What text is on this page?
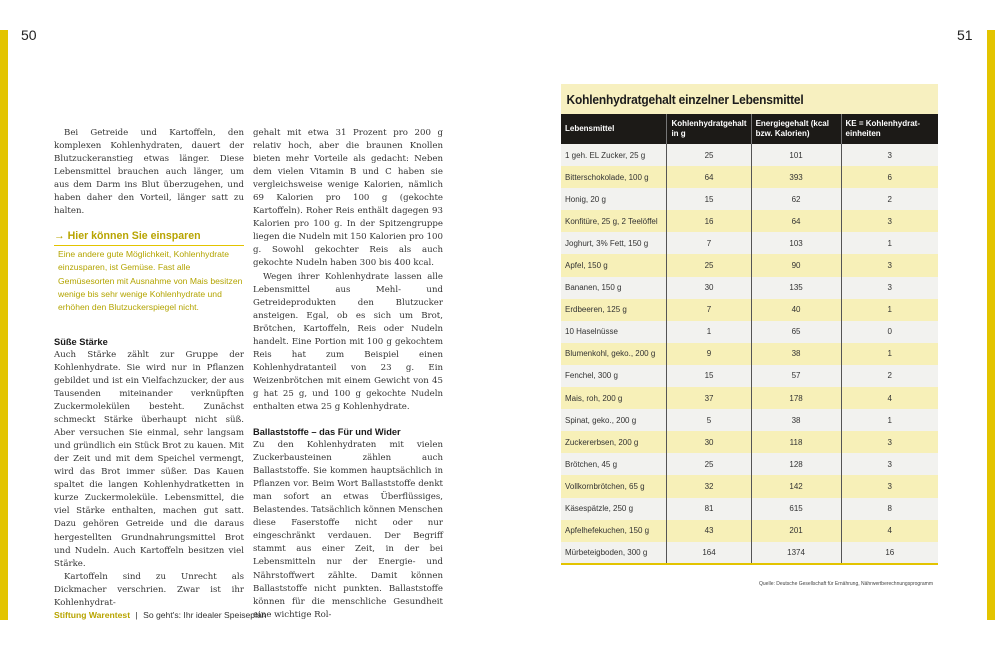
50	51

Bei Getreide und Kartoffeln, den komplexen Kohlenhydraten, dauert der Blutzuckeranstieg etwas länger. Diese Lebensmittel brauchen auch länger, um aus dem Darm ins Blut überzugehen, und haben daher den Vorteil, länger satt zu halten.

→ Hier können Sie einsparen
Eine andere gute Möglichkeit, Kohlenhydrate einzusparen, ist Gemüse. Fast alle Gemüsesorten mit Ausnahme von Mais besitzen wenige bis sehr wenige Kohlenhydrate und erhöhen den Blutzuckerspiegel nicht.
Süße Stärke

Auch Stärke zählt zur Gruppe der Kohlenhydrate. Sie wird nur in Pflanzen gebildet und ist ein Vielfachzucker, der aus Tausenden miteinander verknüpften Zuckermolekülen besteht. Zunächst schmeckt Stärke überhaupt nicht süß. Aber versuchen Sie einmal, sehr langsam und gründlich ein Stück Brot zu kauen. Mit der Zeit und mit dem Speichel vermengt, wird das Brot immer süßer. Das Kauen spaltet die langen Kohlenhydratketten in kurze Zuckermoleküle. Lebensmittel, die viel Stärke enthalten, machen gut satt. Dazu gehören Getreide und die daraus hergestellten Grundnahrungsmittel Brot und Nudeln. Auch Kartoffeln besitzen viel Stärke.

Kartoffeln sind zu Unrecht als Dickmacher verschrien. Zwar ist ihr Kohlenhydrat-

gehalt mit etwa 31 Prozent pro 200 g relativ hoch, aber die braunen Knollen bieten mehr Vorteile als gedacht: Neben dem vielen Vitamin B und C haben sie vergleichsweise wenige Kalorien, nämlich 69 Kalorien pro 100 g (gekochte Kartoffeln). Roher Reis enthält dagegen 93 Kalorien pro 100 g. In der Spitzengruppe liegen die Nudeln mit 150 Kalorien pro 100 g. Sowohl gekochter Reis als auch gekochte Nudeln haben 300 bis 400 kcal.

Wegen ihrer Kohlenhydrate lassen alle Lebensmittel aus Mehl- und Getreideprodukten den Blutzucker ansteigen. Egal, ob es sich um Brot, Brötchen, Kartoffeln, Reis oder Nudeln handelt. Eine Portion mit 100 g gekochtem Reis hat zum Beispiel einen Kohlenhydratanteil von 23 g. Ein Weizenbrötchen mit einem Gewicht von 45 g hat 25 g, und 100 g gekochte Nudeln enthalten etwa 25 g Kohlenhydrate.

Ballaststoffe – das Für und Wider

Zu den Kohlenhydraten mit vielen Zuckerbausteinen zählen auch Ballaststoffe. Sie kommen hauptsächlich in Pflanzen vor. Beim Wort Ballaststoffe denkt man sofort an etwas Überflüssiges, Belastendes. Tatsächlich können Menschen diese Faserstoffe nicht oder nur eingeschränkt verdauen. Der Begriff stammt aus einer Zeit, in der bei Lebensmitteln nur der Energie- und Nährstoffwert zählte. Damit können Ballaststoffe nicht punkten. Ballaststoffe können für die menschliche Gesundheit eine wichtige Rol-

Stiftung Warentest | So geht's: Ihr idealer Speiseplan
Kohlenhydratgehalt einzelner Lebensmittel
Lebensmittel	Kohlenhydratgehalt in g	Energiegehalt (kcal bzw. Kalorien)	KE = Kohlenhydrat-einheiten
1 geh. EL Zucker, 25 g	25	101	3
Bitterschokolade, 100 g	64	393	6
Honig, 20 g	15	62	2
Konfitüre, 25 g, 2 Teelöffel	16	64	3
Joghurt, 3% Fett, 150 g	7	103	1
Apfel, 150 g	25	90	3
Bananen, 150 g	30	135	3
Erdbeeren, 125 g	7	40	1
10 Haselnüsse	1	65	0
Blumenkohl, geko., 200 g	9	38	1
Fenchel, 300 g	15	57	2
Mais, roh, 200 g	37	178	4
Spinat, geko., 200 g	5	38	1
Zuckererbsen, 200 g	30	118	3
Brötchen, 45 g	25	128	3
Vollkornbrötchen, 65 g	32	142	3
Käsespätzle, 250 g	81	615	8
Apfelhefekuchen, 150 g	43	201	4
Mürbeteigboden, 300 g	164	1374	16
Quelle: Deutsche Gesellschaft für Ernährung, Nährwertberechnungsprogramm
